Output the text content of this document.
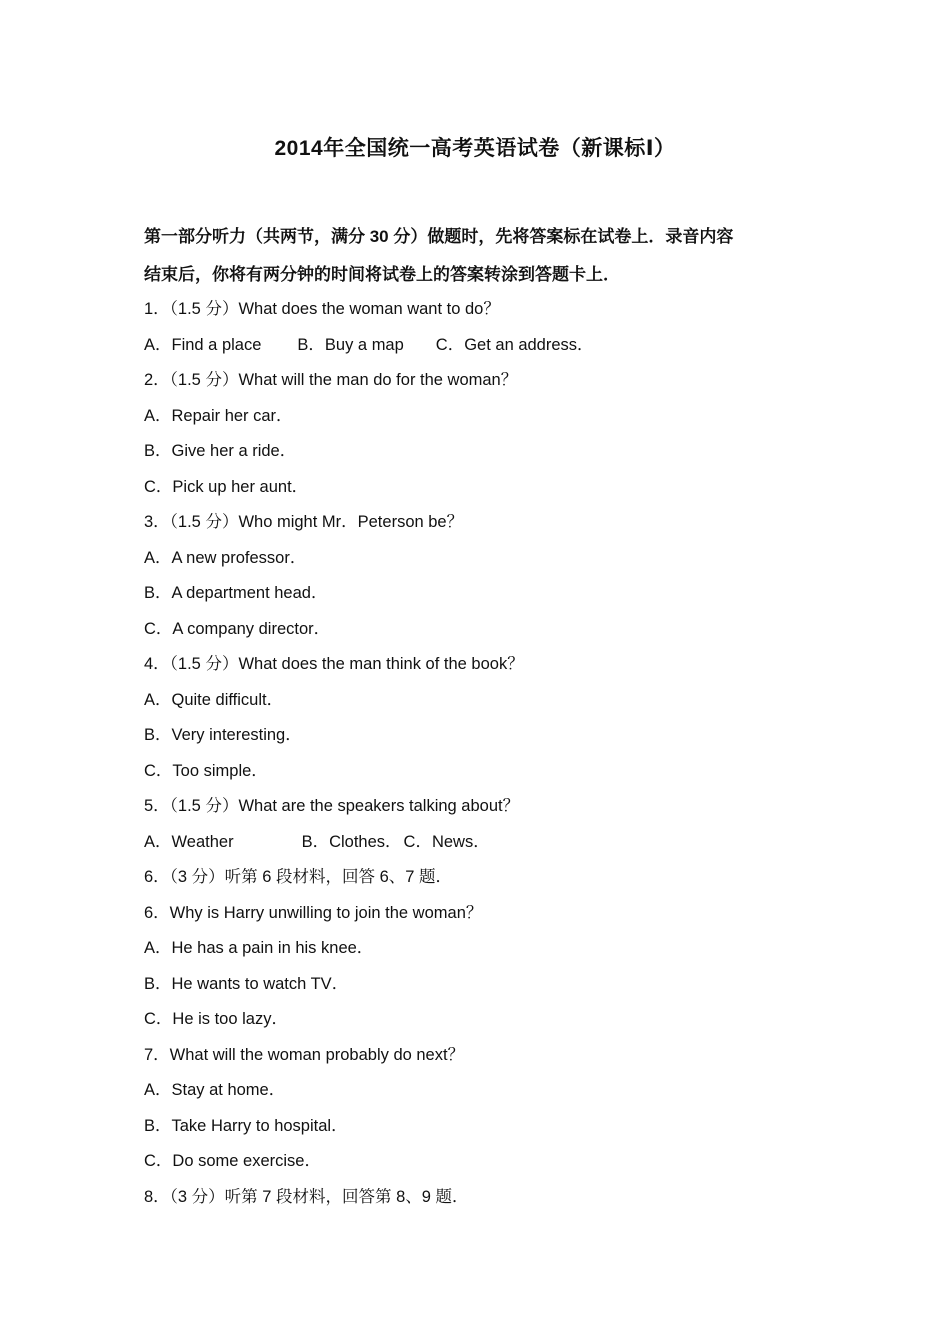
2014年全国统一高考英语试卷（新课标Ⅰ）
第一部分听力（共两节，满分 30 分）做题时，先将答案标在试卷上．录音内容
结束后，你将有两分钟的时间将试卷上的答案转涂到答题卡上．
1．（1.5 分）What does the woman want to do？
A．Find a place B．Buy a map C．Get an address．
2．（1.5 分）What will the man do for the woman？
A．Repair her car．
B．Give her a ride．
C．Pick up her aunt．
3．（1.5 分）Who might Mr．Peterson be？
A．A new professor．
B．A department head．
C．A company director．
4．（1.5 分）What does the man think of the book？
A．Quite difficult．
B．Very interesting．
C．Too simple．
5．（1.5 分）What are the speakers talking about？
A．Weather	B．Clothes． C．News．
6．（3 分）听第 6 段材料，回答 6、7 题．
6．Why is Harry unwilling to join the woman？
A．He has a pain in his knee．
B．He wants to watch TV．
C．He is too lazy．
7．What will the woman probably do next？
A．Stay at home．
B．Take Harry to hospital．
C．Do some exercise．
8．（3 分）听第 7 段材料，回答第 8、9 题．
